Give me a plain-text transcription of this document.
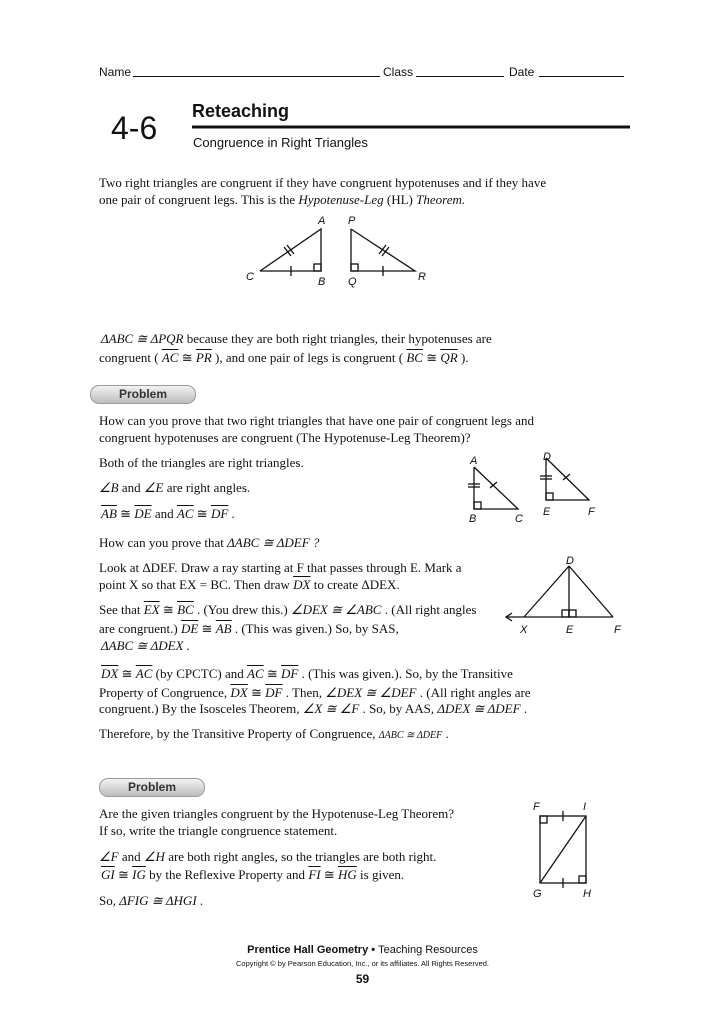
Name	Class	Date
4-6 Reteaching
Congruence in Right Triangles
Two right triangles are congruent if they have congruent hypotenuses and if they have
one pair of congruent legs. This is the Hypotenuse-Leg (HL) Theorem.
A P
C	B Q	R
ΔABC ≅ ΔPQR because they are both right triangles, their hypotenuses are
congruent ( $\overline{AC}$ ≅ $\overline{PR}$ ), and one pair of legs is congruent ( $\overline{BC}$ ≅ $\overline{QR}$ ).
Problem
How can you prove that two right triangles that have one pair of congruent legs and
congruent hypotenuses are congruent (The Hypotenuse-Leg Theorem)?
Both of the triangles are right triangles.
∠B and ∠E are right angles.
$\overline{AB}$ ≅ $\overline{DE}$ and $\overline{AC}$ ≅ $\overline{DF}$ .
How can you prove that ΔABC ≅ ΔDEF ?
Look at ΔDEF. Draw a ray starting at F that passes through E. Mark a
point X so that EX = BC. Then draw $\overline{DX}$ to create ΔDEX.
See that $\overline{EX}$ ≅ $\overline{BC}$ . (You drew this.) ∠DEX ≅ ∠ABC . (All right angles
are congruent.) $\overline{DE}$ ≅ $\overline{AB}$ . (This was given.) So, by SAS,
ΔABC ≅ ΔDEX .
$\overline{DX}$ ≅ $\overline{AC}$ (by CPCTC) and $\overline{AC}$ ≅ $\overline{DF}$ . (This was given.). So, by the Transitive
Property of Congruence, $\overline{DX}$ ≅ $\overline{DF}$ . Then, ∠DEX ≅ ∠DEF . (All right angles are
congruent.) By the Isosceles Theorem, ∠X ≅ ∠F . So, by AAS, ΔDEX ≅ ΔDEF .
Therefore, by the Transitive Property of Congruence, ΔABC ≅ ΔDEF .
A	D
B	C
E	F
D
X	E	F
Problem
Are the given triangles congruent by the Hypotenuse-Leg Theorem?
If so, write the triangle congruence statement.
∠F and ∠H are both right angles, so the triangles are both right.
$\overline{GI}$ ≅ $\overline{IG}$ by the Reflexive Property and $\overline{FI}$ ≅ $\overline{HG}$ is given.
So, ΔFIG ≅ ΔHGI .
F	I
G	H
Prentice Hall Geometry • Teaching Resources
Copyright © by Pearson Education, Inc., or its affiliates. All Rights Reserved.
59
